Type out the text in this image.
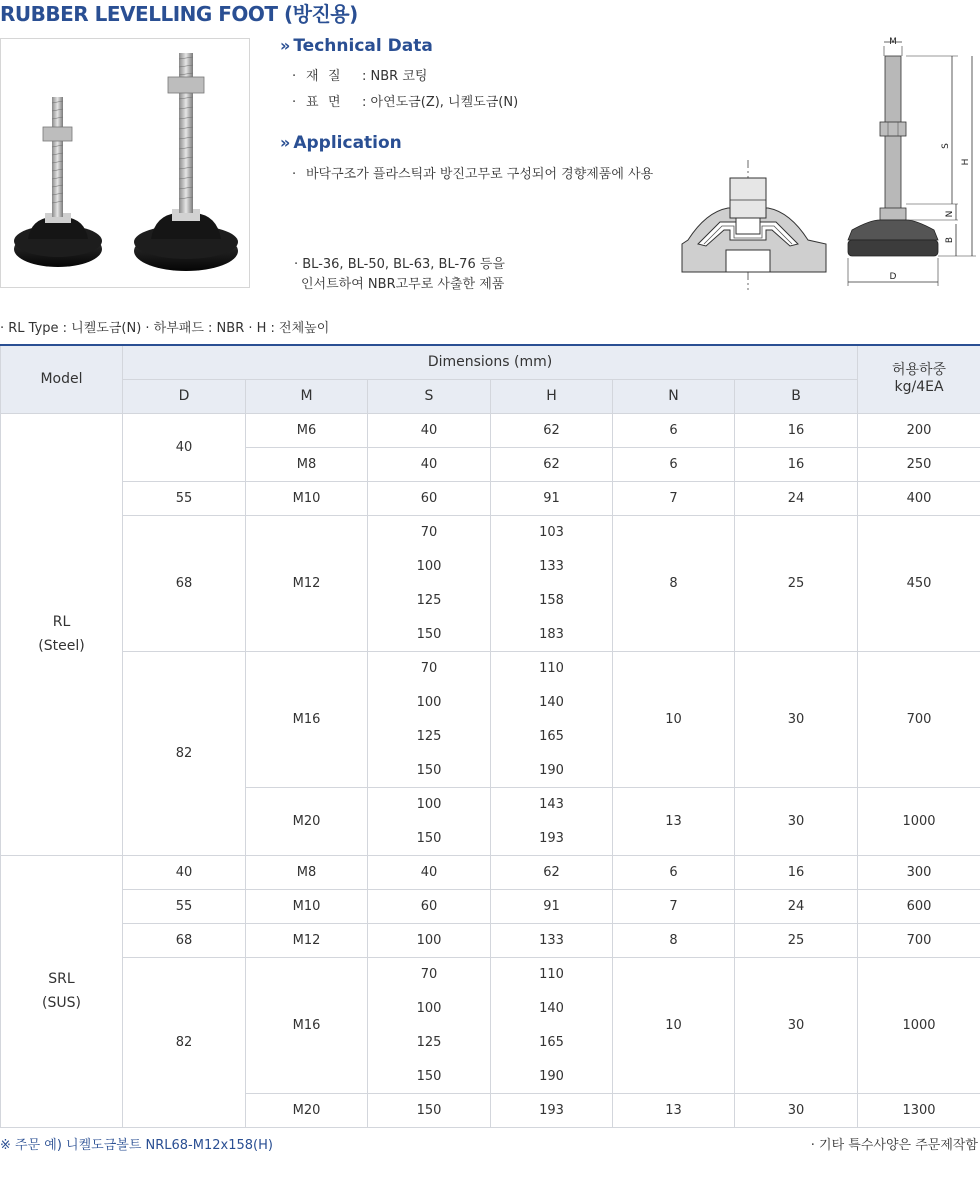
RUBBER LEVELLING FOOT (방진용)
» Technical Data
· 재 질 : NBR 코팅
· 표 면 : 아연도금(Z), 니켈도금(N)
» Application
· 바닥구조가 플라스틱과 방진고무로 구성되어 경향제품에 사용
· BL-36, BL-50, BL-63, BL-76 등을
인서트하여 NBR고무로 사출한 제품
M
S
H
N
B
D
· RL Type : 니켈도금(N) · 하부패드 : NBR · H : 전체높이
Model	Dimensions (mm)						허용하중
kg/4EA
	D	M	S	H	N	B	
RL
(Steel)	40	M6	40	62	6	16	200
		M8	40	62	6	16	250
	55	M10	60	91	7	24	400
	68	M12	70	103	8	25	450
			100	133			
			125	158			
			150	183			
	82	M16	70	110	10	30	700
			100	140			
			125	165			
			150	190			
		M20	100	143	13	30	1000
			150	193			
SRL
(SUS)	40	M8	40	62	6	16	300
	55	M10	60	91	7	24	600
	68	M12	100	133	8	25	700
	82	M16	70	110	10	30	1000
			100	140			
			125	165			
			150	190			
		M20	150	193	13	30	1300
※ 주문 예) 니켈도금볼트 NRL68-M12x158(H)	· 기타 특수사양은 주문제작함
